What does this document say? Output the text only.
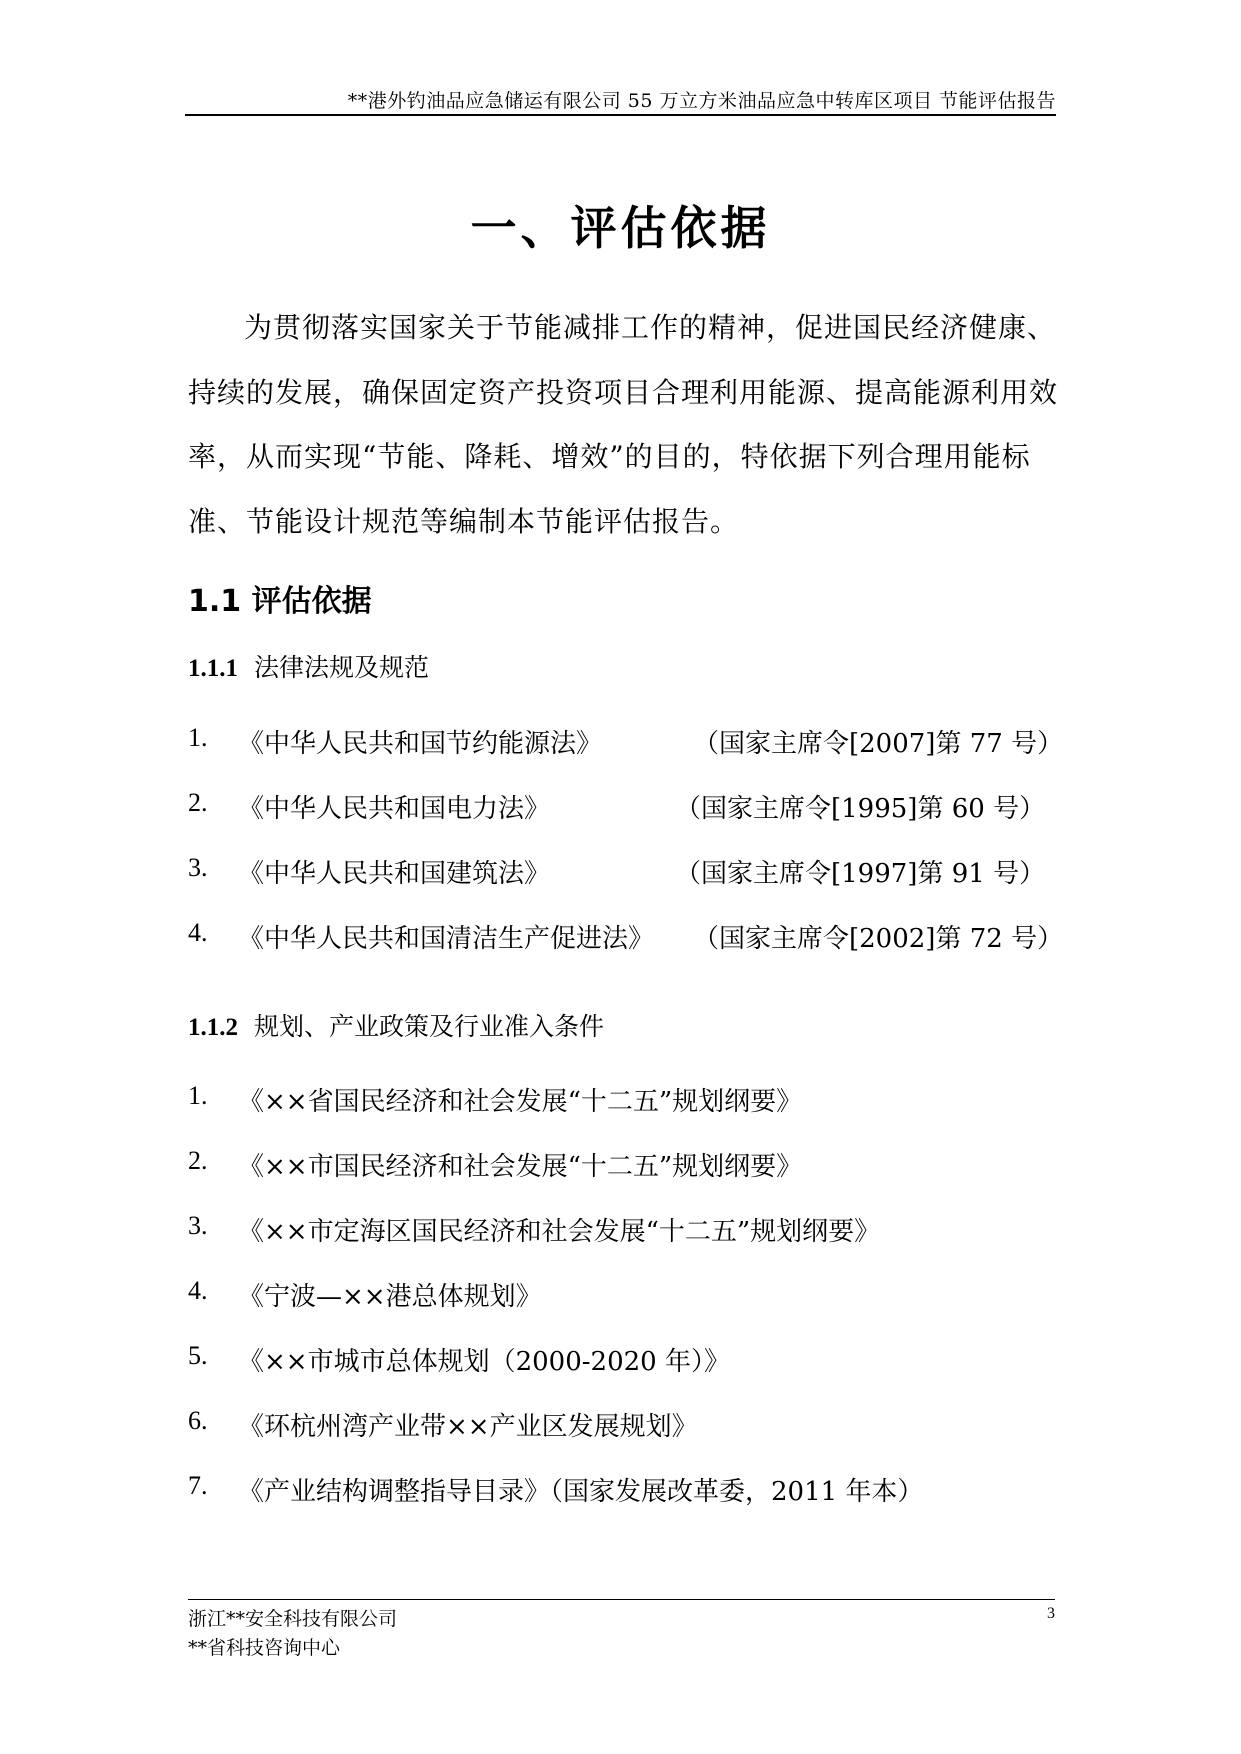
**港外钓油品应急储运有限公司 55 万立方米油品应急中转库区项目 节能评估报告
一、评估依据

为贯彻落实国家关于节能减排工作的精神，促进国民经济健康、持续的发展，确保固定资产投资项目合理利用能源、提高能源利用效率，从而实现“节能、降耗、增效”的目的，特依据下列合理用能标准、节能设计规范等编制本节能评估报告。

1.1 评估依据
1.1.1 法律法规及规范
1. 《中华人民共和国节约能源法》	（国家主席令[2007]第 77 号）
2. 《中华人民共和国电力法》	（国家主席令[1995]第 60 号）
3. 《中华人民共和国建筑法》	（国家主席令[1997]第 91 号）
4. 《中华人民共和国清洁生产促进法》 （国家主席令[2002]第 72 号）
1.1.2 规划、产业政策及行业准入条件
1. 《××省国民经济和社会发展“十二五”规划纲要》
2. 《××市国民经济和社会发展“十二五”规划纲要》
3. 《××市定海区国民经济和社会发展“十二五”规划纲要》
4. 《宁波—××港总体规划》
5. 《××市城市总体规划（2000-2020 年）》
6. 《环杭州湾产业带××产业区发展规划》
7. 《产业结构调整指导目录》（国家发展改革委，2011 年本）
浙江**安全科技有限公司
**省科技咨询中心
3
